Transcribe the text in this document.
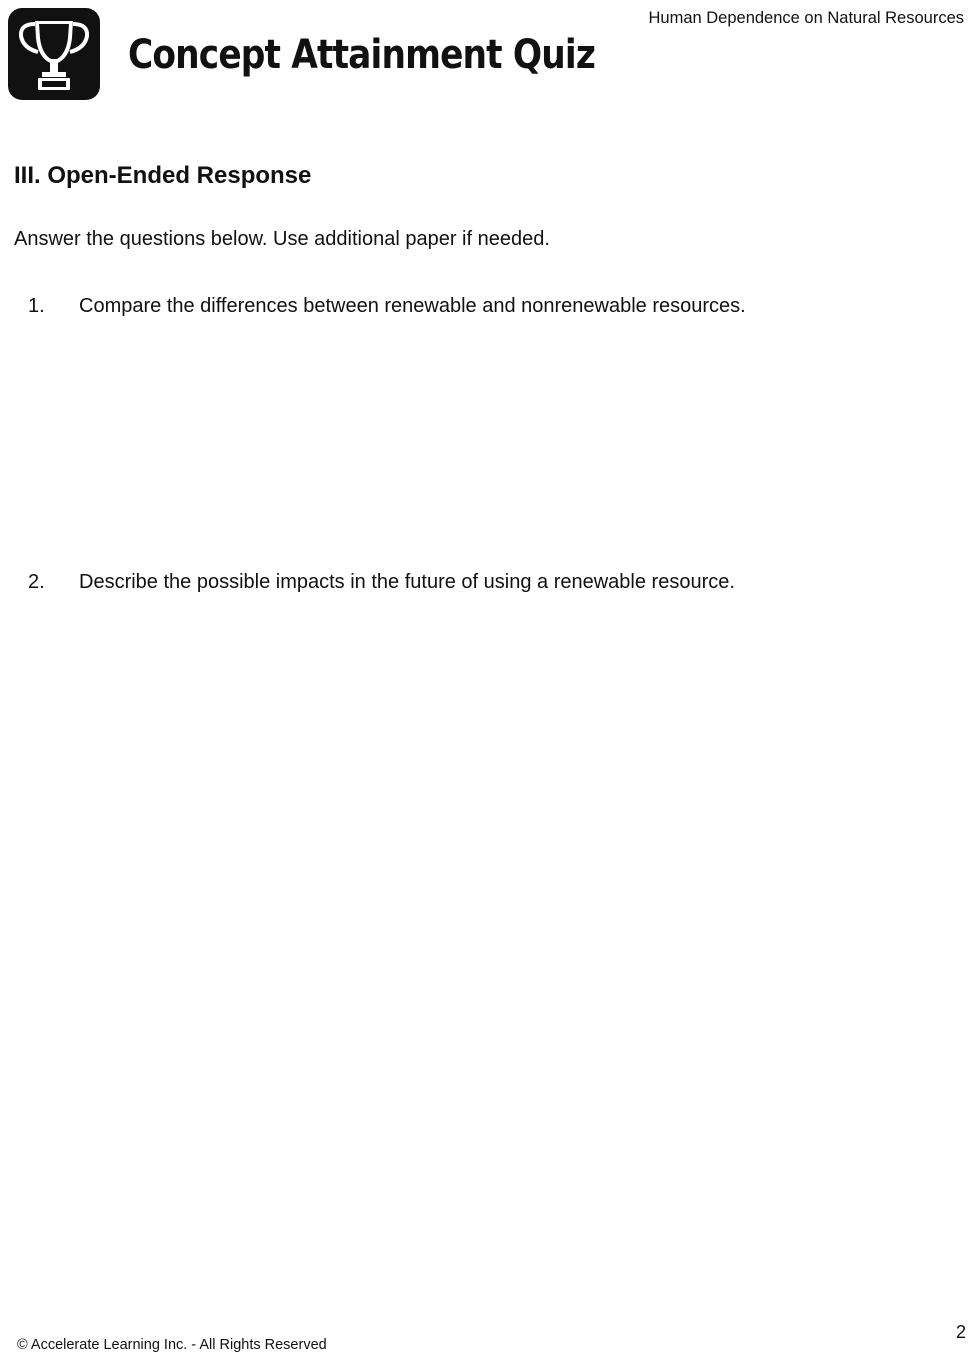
Concept Attainment Quiz
Human Dependence on Natural Resources
III. Open-Ended Response

Answer the questions below. Use additional paper if needed.

1. Compare the differences between renewable and nonrenewable resources.
2. Describe the possible impacts in the future of using a renewable resource.
© Accelerate Learning Inc. - All Rights Reserved
2
